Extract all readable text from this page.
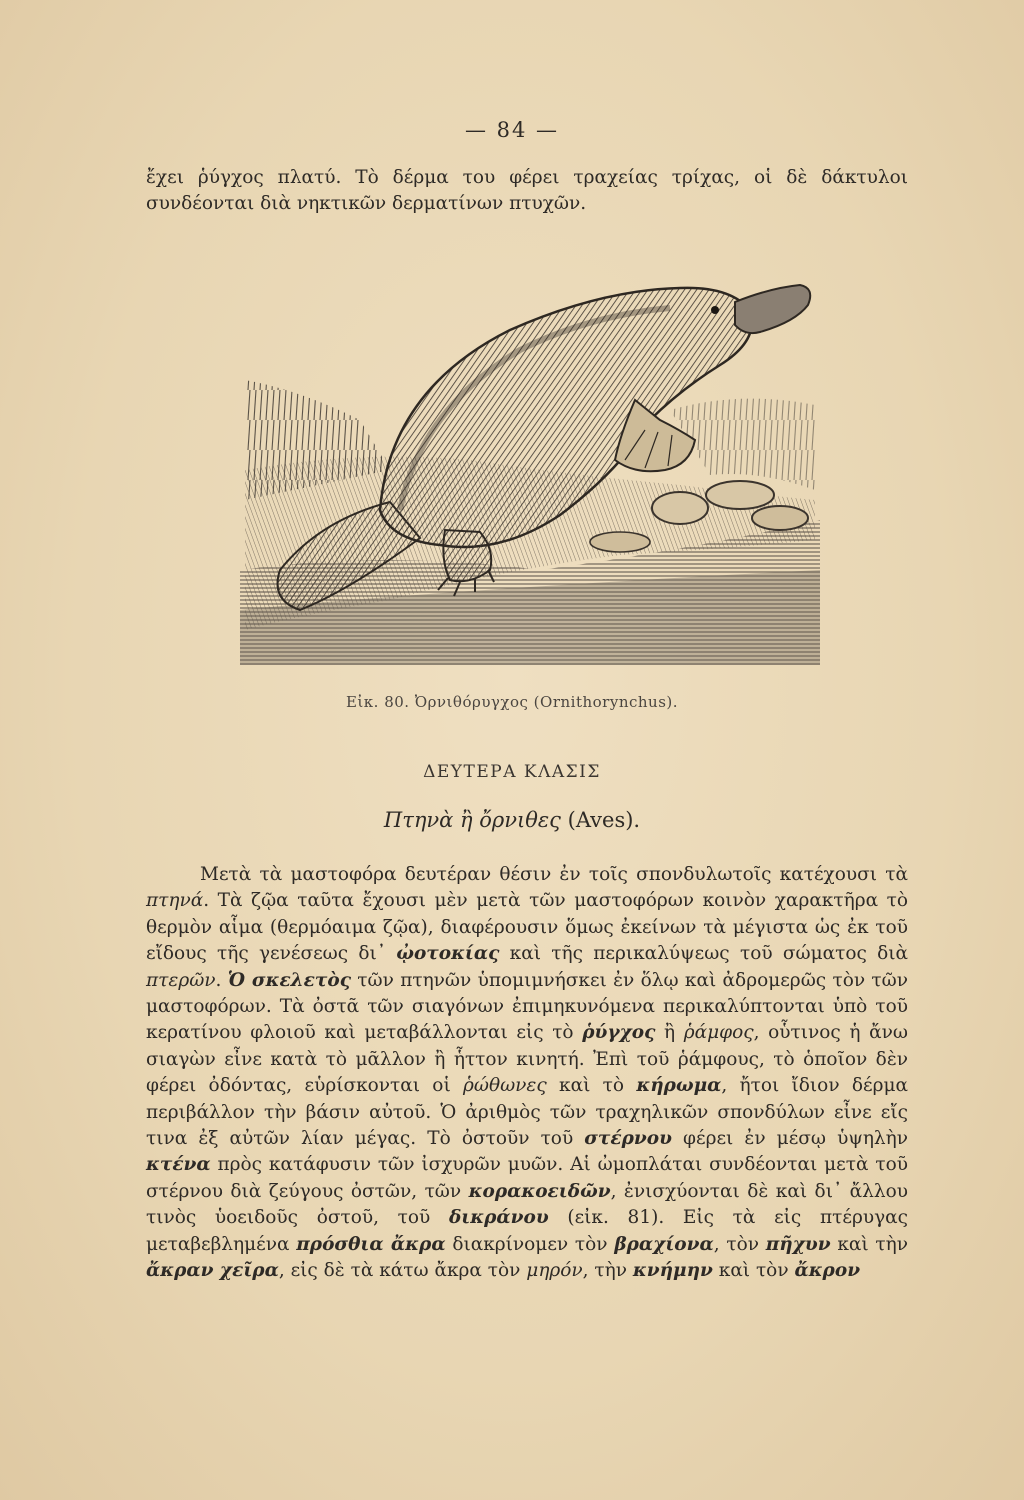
— 84 —

ἔχει ῥύγχος πλατύ. Τὸ δέρμα του φέρει τραχείας τρίχας, οἱ δὲ δάκτυλοι συνδέονται διὰ νηκτικῶν δερματίνων πτυχῶν.

Εἰκ. 80. Ὀρνιθόρυγχος (Ornithorynchus).
ΔΕΥΤΕΡΑ ΚΛΑΣΙΣ
Πτηνὰ ἢ ὄρνιθες (Aves).

Μετὰ τὰ μαστοφόρα δευτέραν θέσιν ἐν τοῖς σπονδυλωτοῖς κατέχουσι τὰ πτηνά. Τὰ ζῷα ταῦτα ἔχουσι μὲν μετὰ τῶν μαστοφόρων κοινὸν χαρακτῆρα τὸ θερμὸν αἷμα (θερμόαιμα ζῷα), διαφέρουσιν ὅμως ἐκείνων τὰ μέγιστα ὡς ἐκ τοῦ εἴδους τῆς γενέσεως δι᾿ ᾠοτοκίας καὶ τῆς περικαλύψεως τοῦ σώματος διὰ πτερῶν. Ὁ σκελετὸς τῶν πτηνῶν ὑπομιμνήσκει ἐν ὅλῳ καὶ ἀδρομερῶς τὸν τῶν μαστοφόρων. Τὰ ὀστᾶ τῶν σιαγόνων ἐπιμηκυνόμενα περικαλύπτονται ὑπὸ τοῦ κερατίνου φλοιοῦ καὶ μεταβάλλονται εἰς τὸ ῥύγχος ἢ ῥάμφος, οὗτινος ἡ ἄνω σιαγὼν εἶνε κατὰ τὸ μᾶλλον ἢ ἧττον κινητή. Ἐπὶ τοῦ ῥάμφους, τὸ ὁποῖον δὲν φέρει ὀδόντας, εὑρίσκονται οἱ ῥώθωνες καὶ τὸ κήρωμα, ἤτοι ἴδιον δέρμα περιβάλλον τὴν βάσιν αὐτοῦ. Ὁ ἀριθμὸς τῶν τραχηλικῶν σπονδύλων εἶνε εἴς τινα ἐξ αὐτῶν λίαν μέγας. Τὸ ὀστοῦν τοῦ στέρνου φέρει ἐν μέσῳ ὑψηλὴν κτένα πρὸς κατάφυσιν τῶν ἰσχυρῶν μυῶν. Αἱ ὠμοπλάται συνδέονται μετὰ τοῦ στέρνου διὰ ζεύγους ὀστῶν, τῶν κορακοειδῶν, ἐνισχύονται δὲ καὶ δι᾿ ἄλλου τινὸς ὑοειδοῦς ὀστοῦ, τοῦ δικράνου (εἰκ. 81). Εἰς τὰ εἰς πτέρυγας μεταβεβλημένα πρόσθια ἄκρα διακρίνομεν τὸν βραχίονα, τὸν πῆχυν καὶ τὴν ἄκραν χεῖρα, εἰς δὲ τὰ κάτω ἄκρα τὸν μηρόν, τὴν κνήμην καὶ τὸν ἄκρον
